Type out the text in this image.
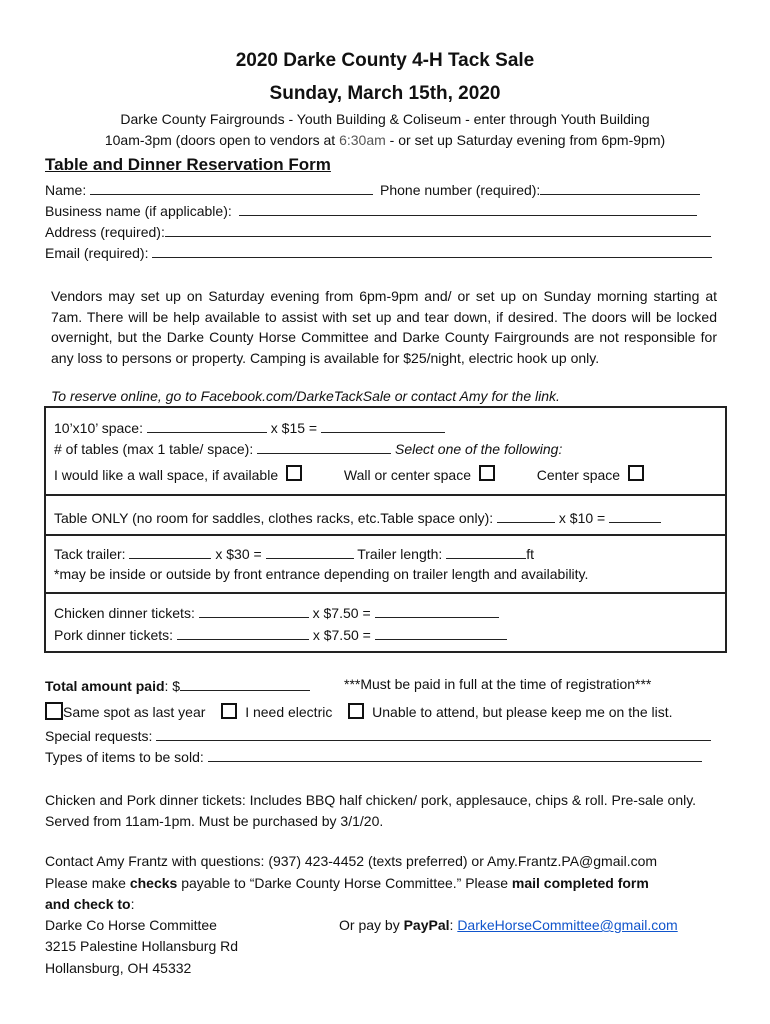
2020 Darke County 4-H Tack Sale
Sunday, March 15th, 2020
Darke County Fairgrounds - Youth Building & Coliseum - enter through Youth Building
10am-3pm (doors open to vendors at 6:30am - or set up Saturday evening from 6pm-9pm)
Table and Dinner Reservation Form
Name:	Phone number (required):
Business name (if applicable):
Address (required):
Email (required):
Vendors may set up on Saturday evening from 6pm-9pm and/ or set up on Sunday morning starting at 7am. There will be help available to assist with set up and tear down, if desired. The doors will be locked overnight, but the Darke County Horse Committee and Darke County Fairgrounds are not responsible for any loss to persons or property. Camping is available for $25/night, electric hook up only.
To reserve online, go to Facebook.com/DarkeTackSale or contact Amy for the link.
10’x10’ space:	x $15 =
# of tables (max 1 table/ space):	Select one of the following:
I would like a wall space, if available	Wall or center space	Center space
Table ONLY (no room for saddles, clothes racks, etc.Table space only):	x $10 =
Tack trailer:	x $30 =	Trailer length:	ft
*may be inside or outside by front entrance depending on trailer length and availability.
Chicken dinner tickets:	x $7.50 =
Pork dinner tickets:	x $7.50 =
Total amount paid: $	***Must be paid in full at the time of registration***
Same spot as last year	I need electric	Unable to attend, but please keep me on the list.
Special requests:
Types of items to be sold:
Chicken and Pork dinner tickets: Includes BBQ half chicken/ pork, applesauce, chips & roll. Pre-sale only. Served from 11am-1pm. Must be purchased by 3/1/20.
Contact Amy Frantz with questions: (937) 423-4452 (texts preferred) or Amy.Frantz.PA@gmail.com
Please make checks payable to “Darke County Horse Committee.” Please mail completed form
and check to:
Darke Co Horse Committee
3215 Palestine Hollansburg Rd
Hollansburg, OH 45332
Or pay by PayPal: DarkeHorseCommittee@gmail.com
